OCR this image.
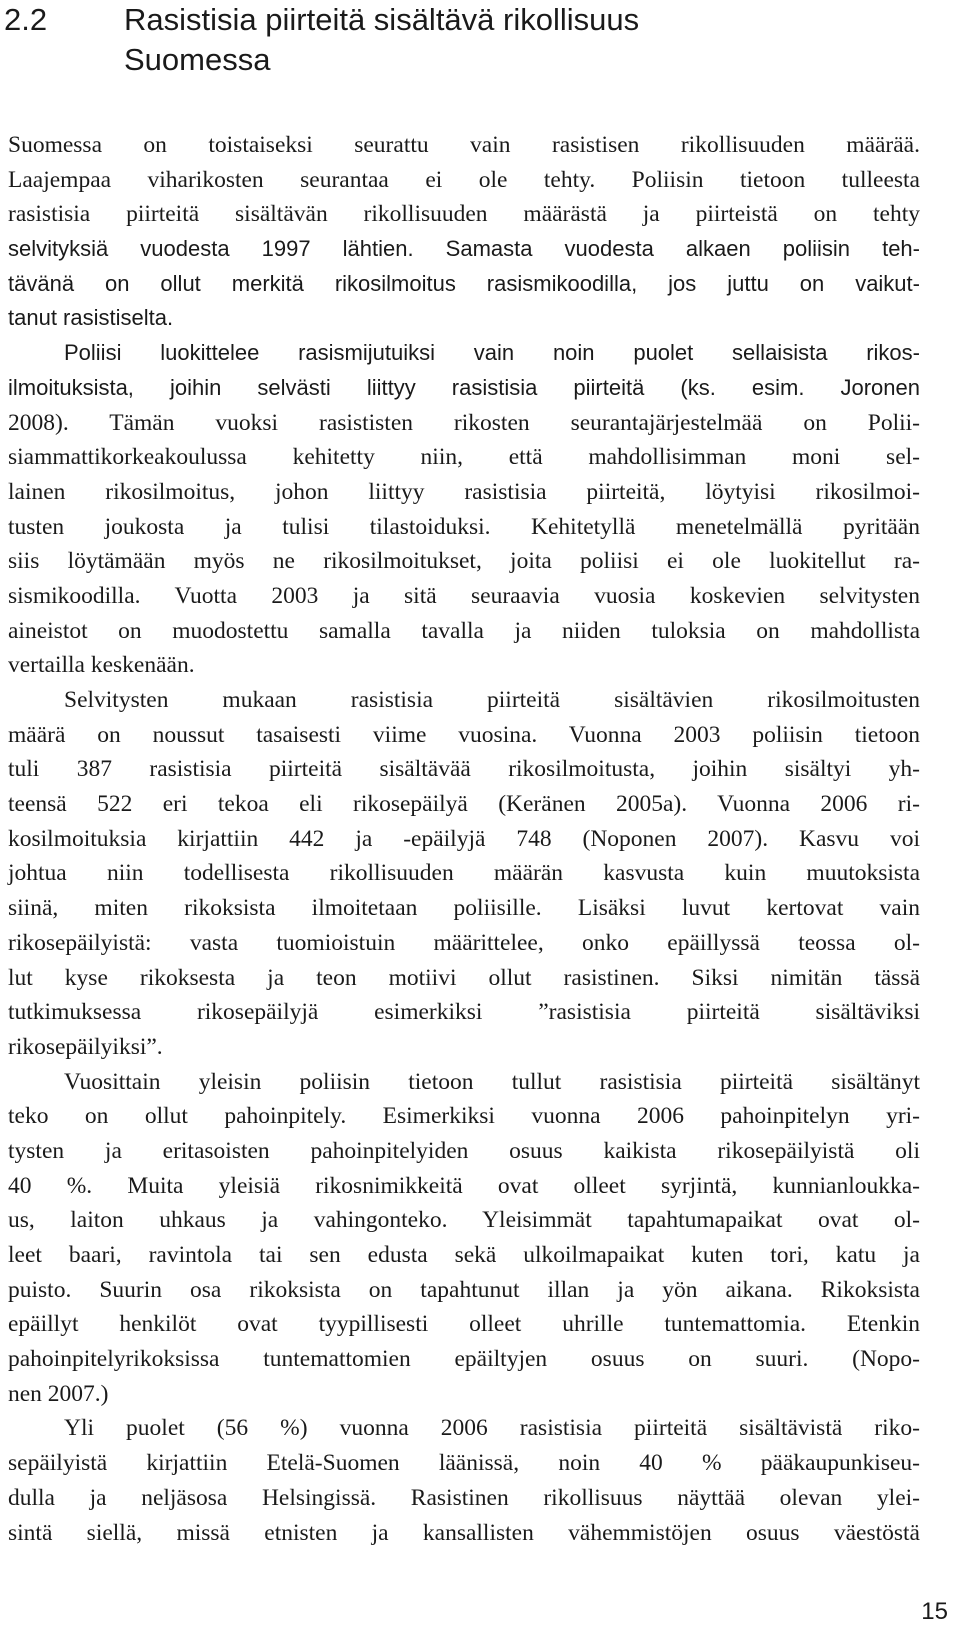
2.2 Rasistisia piirteitä sisältävä rikollisuus
Suomessa
Suomessa on toistaiseksi seurattu vain rasistisen rikollisuuden määrää.
Laajempaa viharikosten seurantaa ei ole tehty. Poliisin tietoon tulleesta
rasistisia piirteitä sisältävän rikollisuuden määrästä ja piirteistä on tehty
selvityksiä vuodesta 1997 lähtien. Samasta vuodesta alkaen poliisin teh-
tävänä on ollut merkitä rikosilmoitus rasismikoodilla, jos juttu on vaikut-
tanut rasistiselta.
Poliisi luokittelee rasismijutuiksi vain noin puolet sellaisista rikos-
ilmoituksista, joihin selvästi liittyy rasistisia piirteitä (ks. esim. Joronen
2008). Tämän vuoksi rasististen rikosten seurantajärjestelmää on Polii-
siammattikorkeakoulussa kehitetty niin, että mahdollisimman moni sel-
lainen rikosilmoitus, johon liittyy rasistisia piirteitä, löytyisi rikosilmoi-
tusten joukosta ja tulisi tilastoiduksi. Kehitetyllä menetelmällä pyritään
siis löytämään myös ne rikosilmoitukset, joita poliisi ei ole luokitellut ra-
sismikoodilla. Vuotta 2003 ja sitä seuraavia vuosia koskevien selvitysten
aineistot on muodostettu samalla tavalla ja niiden tuloksia on mahdollista
vertailla keskenään.
Selvitysten mukaan rasistisia piirteitä sisältävien rikosilmoitusten
määrä on noussut tasaisesti viime vuosina. Vuonna 2003 poliisin tietoon
tuli 387 rasistisia piirteitä sisältävää rikosilmoitusta, joihin sisältyi yh-
teensä 522 eri tekoa eli rikosepäilyä (Keränen 2005a). Vuonna 2006 ri-
kosilmoituksia kirjattiin 442 ja -epäilyjä 748 (Noponen 2007). Kasvu voi
johtua niin todellisesta rikollisuuden määrän kasvusta kuin muutoksista
siinä, miten rikoksista ilmoitetaan poliisille. Lisäksi luvut kertovat vain
rikosepäilyistä: vasta tuomioistuin määrittelee, onko epäillyssä teossa ol-
lut kyse rikoksesta ja teon motiivi ollut rasistinen. Siksi nimitän tässä
tutkimuksessa rikosepäilyjä esimerkiksi ”rasistisia piirteitä sisältäviksi
rikosepäilyiksi”.
Vuosittain yleisin poliisin tietoon tullut rasistisia piirteitä sisältänyt
teko on ollut pahoinpitely. Esimerkiksi vuonna 2006 pahoinpitelyn yri-
tysten ja eritasoisten pahoinpitelyiden osuus kaikista rikosepäilyistä oli
40 %. Muita yleisiä rikosnimikkeitä ovat olleet syrjintä, kunnianloukka-
us, laiton uhkaus ja vahingonteko. Yleisimmät tapahtumapaikat ovat ol-
leet baari, ravintola tai sen edusta sekä ulkoilmapaikat kuten tori, katu ja
puisto. Suurin osa rikoksista on tapahtunut illan ja yön aikana. Rikoksista
epäillyt henkilöt ovat tyypillisesti olleet uhrille tuntemattomia. Etenkin
pahoinpitelyrikoksissa tuntemattomien epäiltyjen osuus on suuri. (Nopo-
nen 2007.)
Yli puolet (56 %) vuonna 2006 rasistisia piirteitä sisältävistä riko-
sepäilyistä kirjattiin Etelä-Suomen läänissä, noin 40 % pääkaupunkiseu-
dulla ja neljäsosa Helsingissä. Rasistinen rikollisuus näyttää olevan ylei-
sintä siellä, missä etnisten ja kansallisten vähemmistöjen osuus väestöstä
15
